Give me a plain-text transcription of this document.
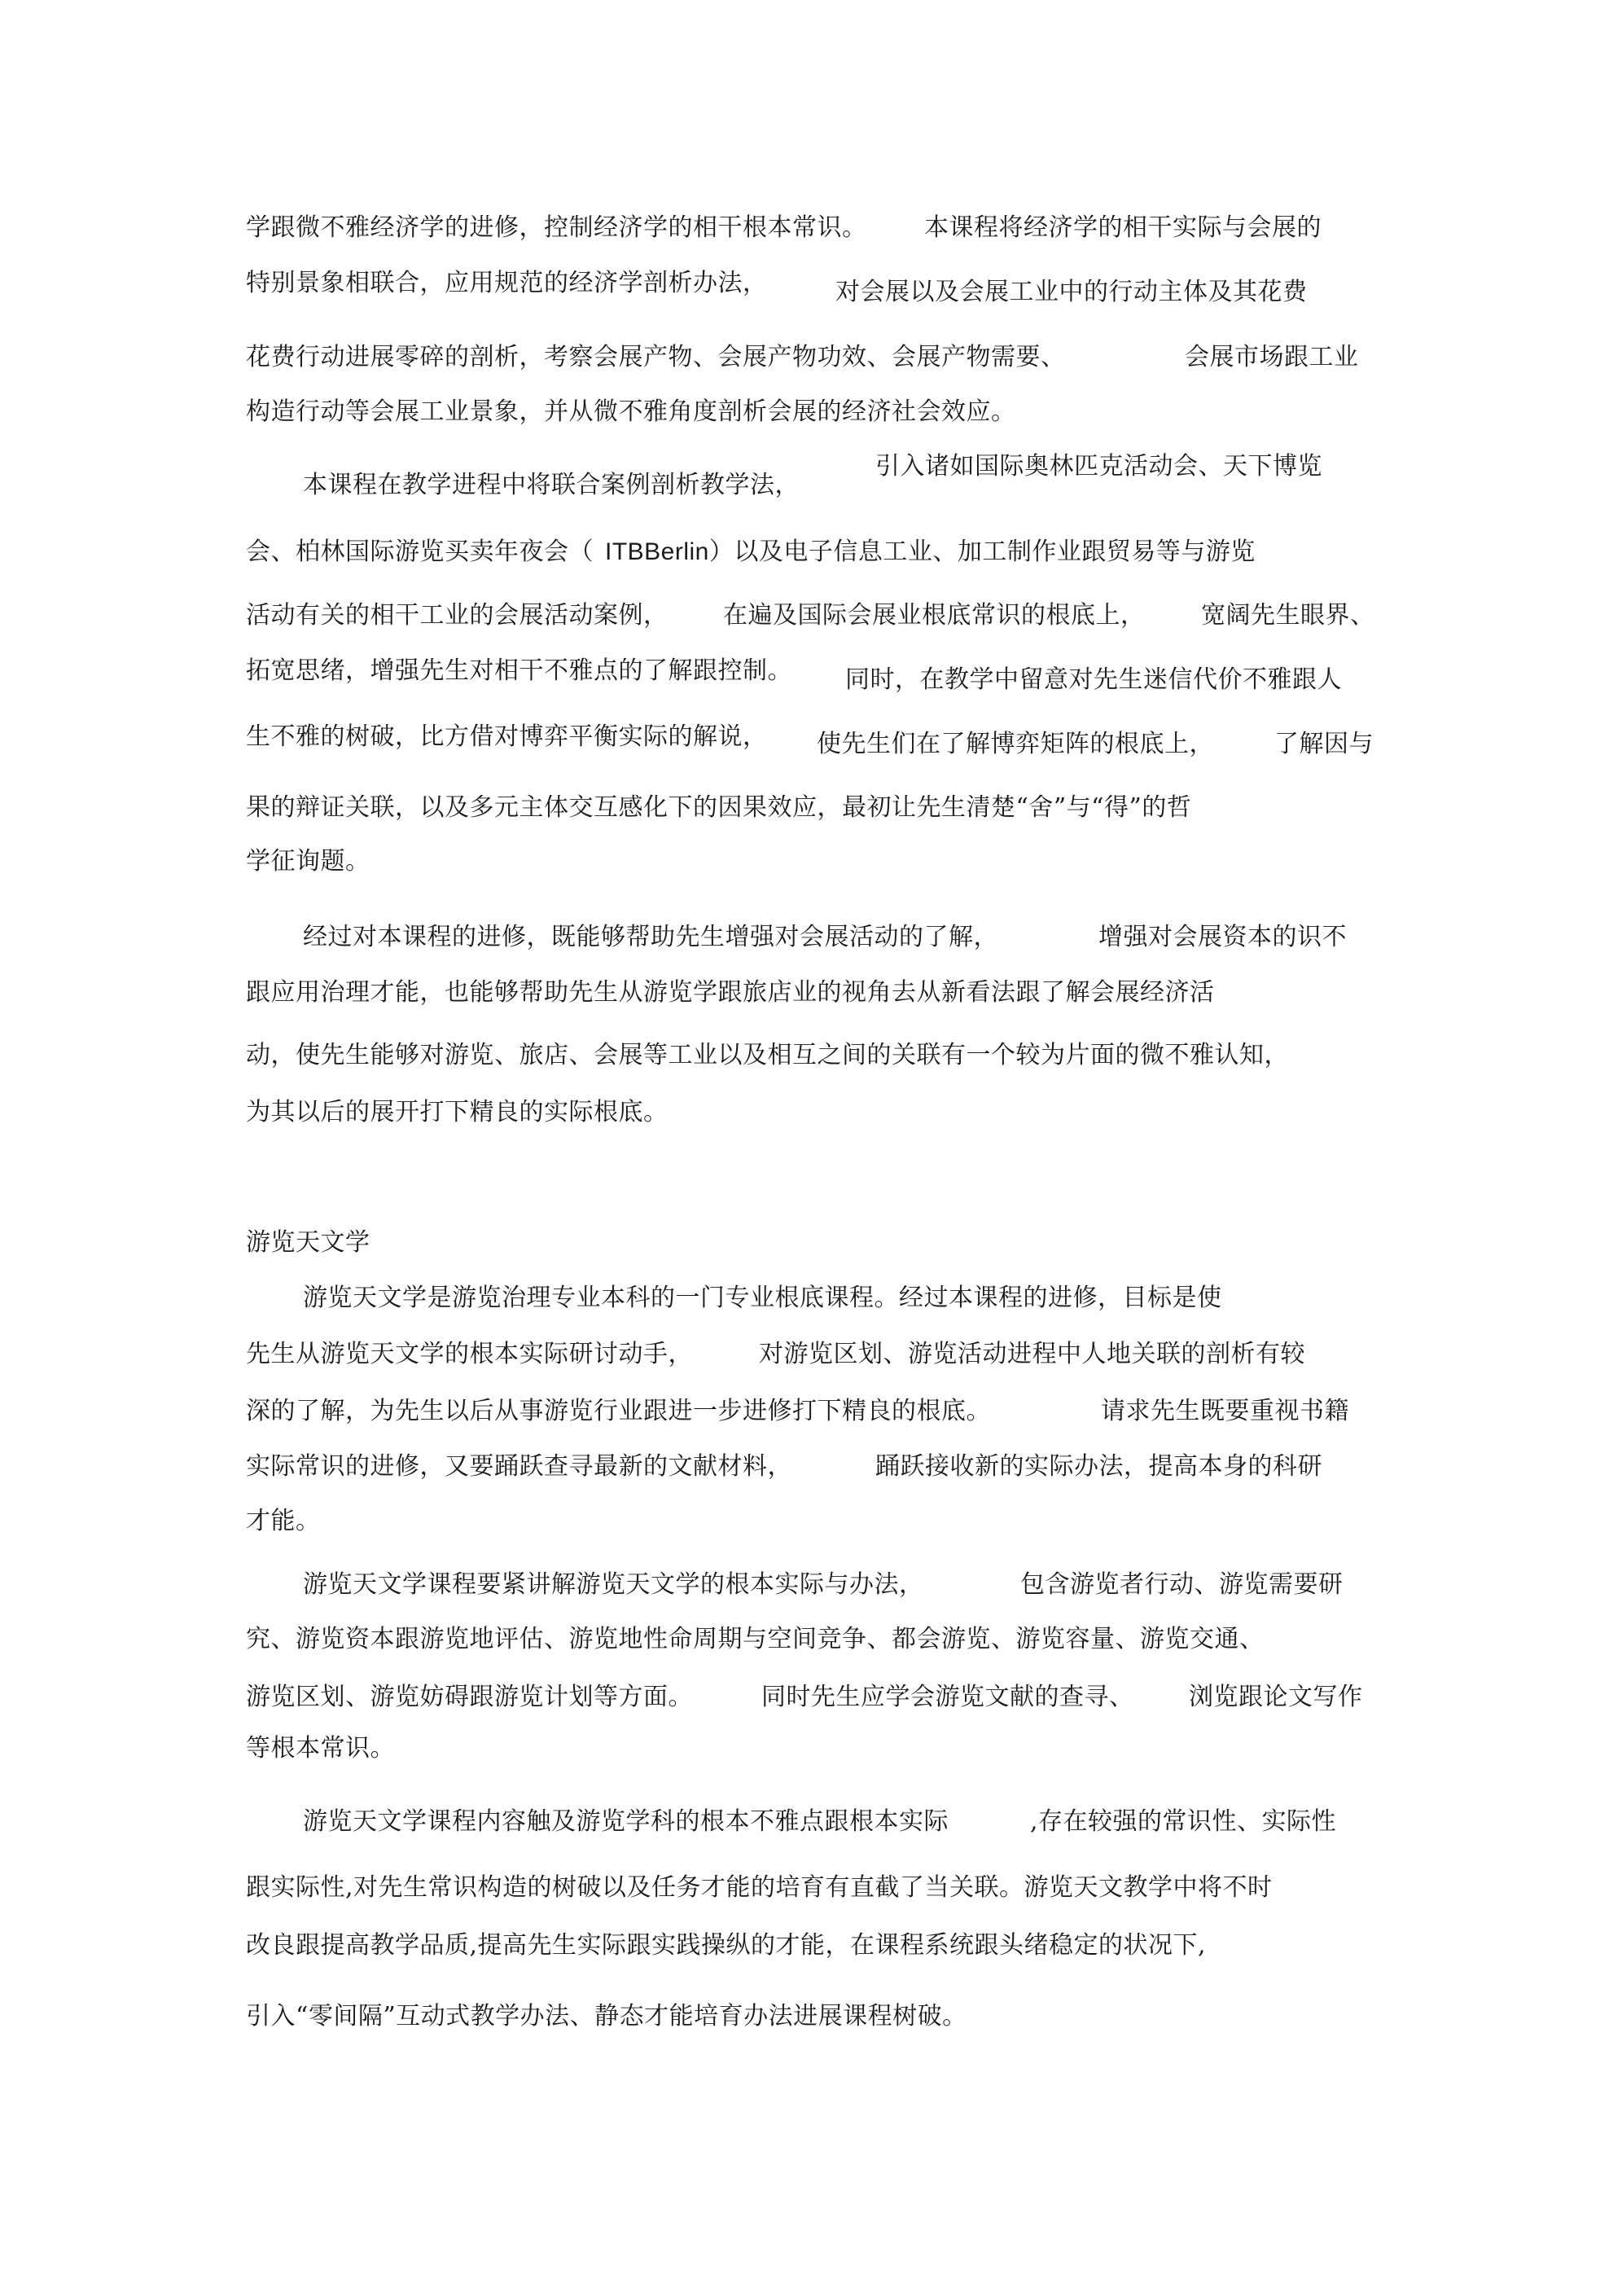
学跟微不雅经济学的进修，控制经济学的相干根本常识。 本课程将经济学的相干实际与会展的
特别景象相联合，应用规范的经济学剖析办法，	对会展以及会展工业中的行动主体及其花费
花费行动进展零碎的剖析，考察会展产物、会展产物功效、会展产物需要、	会展市场跟工业
构造行动等会展工业景象，并从微不雅角度剖析会展的经济社会效应。
本课程在教学进程中将联合案例剖析教学法，
引入诸如国际奥林匹克活动会、天下博览
会、柏林国际游览买卖年夜会（ ITBBerlin）以及电子信息工业、加工制作业跟贸易等与游览
活动有关的相干工业的会展活动案例， 在遍及国际会展业根底常识的根底上， 宽阔先生眼界、
拓宽思绪，增强先生对相干不雅点的了解跟控制。 同时，在教学中留意对先生迷信代价不雅跟人
生不雅的树破，比方借对博弈平衡实际的解说， 使先生们在了解博弈矩阵的根底上， 了解因与
果的辩证关联，以及多元主体交互感化下的因果效应，最初让先生清楚“舍”与“得”的哲
学征询题。
经过对本课程的进修，既能够帮助先生增强对会展活动的了解，	增强对会展资本的识不
跟应用治理才能，也能够帮助先生从游览学跟旅店业的视角去从新看法跟了解会展经济活
动，使先生能够对游览、旅店、会展等工业以及相互之间的关联有一个较为片面的微不雅认知，
为其以后的展开打下精良的实际根底。
游览天文学
游览天文学是游览治理专业本科的一门专业根底课程。经过本课程的进修，目标是使
先生从游览天文学的根本实际研讨动手，	对游览区划、游览活动进程中人地关联的剖析有较
深的了解，为先生以后从事游览行业跟进一步进修打下精良的根底。	请求先生既要重视书籍
实际常识的进修，又要踊跃查寻最新的文献材料，	踊跃接收新的实际办法，提高本身的科研
才能。
游览天文学课程要紧讲解游览天文学的根本实际与办法，	包含游览者行动、游览需要研
究、游览资本跟游览地评估、游览地性命周期与空间竞争、都会游览、游览容量、游览交通、
游览区划、游览妨碍跟游览计划等方面。	同时先生应学会游览文献的查寻、 浏览跟论文写作
等根本常识。
游览天文学课程内容触及游览学科的根本不雅点跟根本实际	,存在较强的常识性、实际性
跟实际性,对先生常识构造的树破以及任务才能的培育有直截了当关联。游览天文教学中将不时
改良跟提高教学品质,提高先生实际跟实践操纵的才能，在课程系统跟头绪稳定的状况下,
引入“零间隔”互动式教学办法、静态才能培育办法进展课程树破。
